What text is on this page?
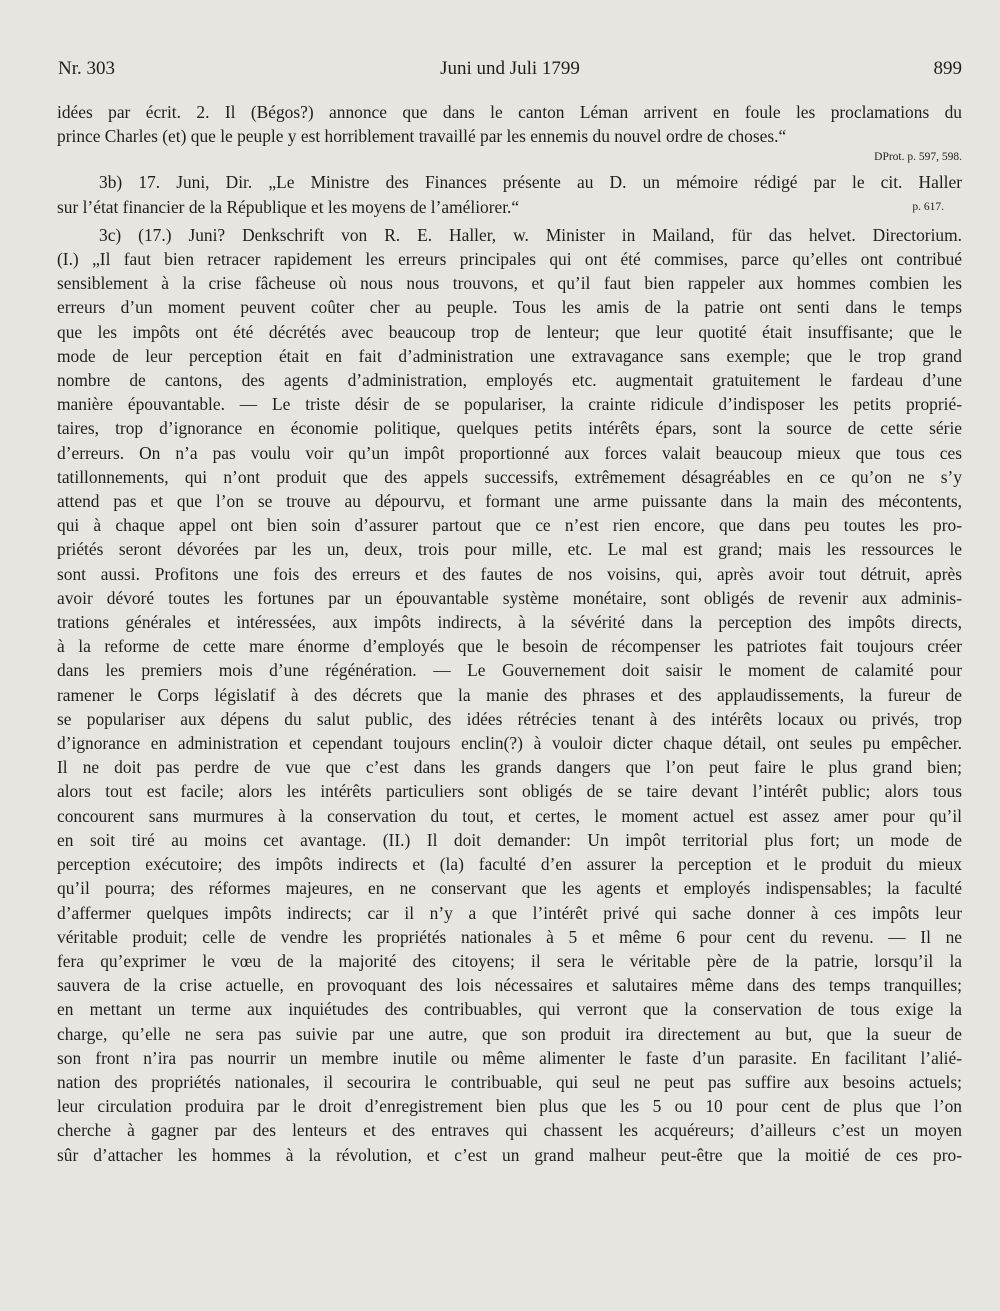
Nr. 303	Juni und Juli 1799	899

idées par écrit. 2. Il (Bégos?) annonce que dans le canton Léman arrivent en foule les proclamations du

prince Charles (et) que le peuple y est horriblement travaillé par les ennemis du nouvel ordre de choses.“

DProt. p. 597, 598.

3b) 17. Juni, Dir. „Le Ministre des Finances présente au D. un mémoire rédigé par le cit. Haller

sur l’état financier de la République et les moyens de l’améliorer.“	p. 617.

3c) (17.) Juni? Denkschrift von R. E. Haller, w. Minister in Mailand, für das helvet. Directorium.

(I.) „Il faut bien retracer rapidement les erreurs principales qui ont été commises, parce qu’elles ont contribué

sensiblement à la crise fâcheuse où nous nous trouvons, et qu’il faut bien rappeler aux hommes combien les

erreurs d’un moment peuvent coûter cher au peuple. Tous les amis de la patrie ont senti dans le temps

que les impôts ont été décrétés avec beaucoup trop de lenteur; que leur quotité était insuffisante; que le

mode de leur perception était en fait d’administration une extravagance sans exemple; que le trop grand

nombre de cantons, des agents d’administration, employés etc. augmentait gratuitement le fardeau d’une

manière épouvantable. — Le triste désir de se populariser, la crainte ridicule d’indisposer les petits proprié-

taires, trop d’ignorance en économie politique, quelques petits intérêts épars, sont la source de cette série

d’erreurs. On n’a pas voulu voir qu’un impôt proportionné aux forces valait beaucoup mieux que tous ces

tatillonnements, qui n’ont produit que des appels successifs, extrêmement désagréables en ce qu’on ne s’y

attend pas et que l’on se trouve au dépourvu, et formant une arme puissante dans la main des mécontents,

qui à chaque appel ont bien soin d’assurer partout que ce n’est rien encore, que dans peu toutes les pro-

priétés seront dévorées par les un, deux, trois pour mille, etc. Le mal est grand; mais les ressources le

sont aussi. Profitons une fois des erreurs et des fautes de nos voisins, qui, après avoir tout détruit, après

avoir dévoré toutes les fortunes par un épouvantable système monétaire, sont obligés de revenir aux adminis-

trations générales et intéressées, aux impôts indirects, à la sévérité dans la perception des impôts directs,

à la reforme de cette mare énorme d’employés que le besoin de récompenser les patriotes fait toujours créer

dans les premiers mois d’une régénération. — Le Gouvernement doit saisir le moment de calamité pour

ramener le Corps législatif à des décrets que la manie des phrases et des applaudissements, la fureur de

se populariser aux dépens du salut public, des idées rétrécies tenant à des intérêts locaux ou privés, trop

d’ignorance en administration et cependant toujours enclin(?) à vouloir dicter chaque détail, ont seules pu empêcher.

Il ne doit pas perdre de vue que c’est dans les grands dangers que l’on peut faire le plus grand bien;

alors tout est facile; alors les intérêts particuliers sont obligés de se taire devant l’intérêt public; alors tous

concourent sans murmures à la conservation du tout, et certes, le moment actuel est assez amer pour qu’il

en soit tiré au moins cet avantage. (II.) Il doit demander: Un impôt territorial plus fort; un mode de

perception exécutoire; des impôts indirects et (la) faculté d’en assurer la perception et le produit du mieux

qu’il pourra; des réformes majeures, en ne conservant que les agents et employés indispensables; la faculté

d’affermer quelques impôts indirects; car il n’y a que l’intérêt privé qui sache donner à ces impôts leur

véritable produit; celle de vendre les propriétés nationales à 5 et même 6 pour cent du revenu. — Il ne

fera qu’exprimer le vœu de la majorité des citoyens; il sera le véritable père de la patrie, lorsqu’il la

sauvera de la crise actuelle, en provoquant des lois nécessaires et salutaires même dans des temps tranquilles;

en mettant un terme aux inquiétudes des contribuables, qui verront que la conservation de tous exige la

charge, qu’elle ne sera pas suivie par une autre, que son produit ira directement au but, que la sueur de

son front n’ira pas nourrir un membre inutile ou même alimenter le faste d’un parasite. En facilitant l’alié-

nation des propriétés nationales, il secourira le contribuable, qui seul ne peut pas suffire aux besoins actuels;

leur circulation produira par le droit d’enregistrement bien plus que les 5 ou 10 pour cent de plus que l’on

cherche à gagner par des lenteurs et des entraves qui chassent les acquéreurs; d’ailleurs c’est un moyen

sûr d’attacher les hommes à la révolution, et c’est un grand malheur peut-être que la moitié de ces pro-
